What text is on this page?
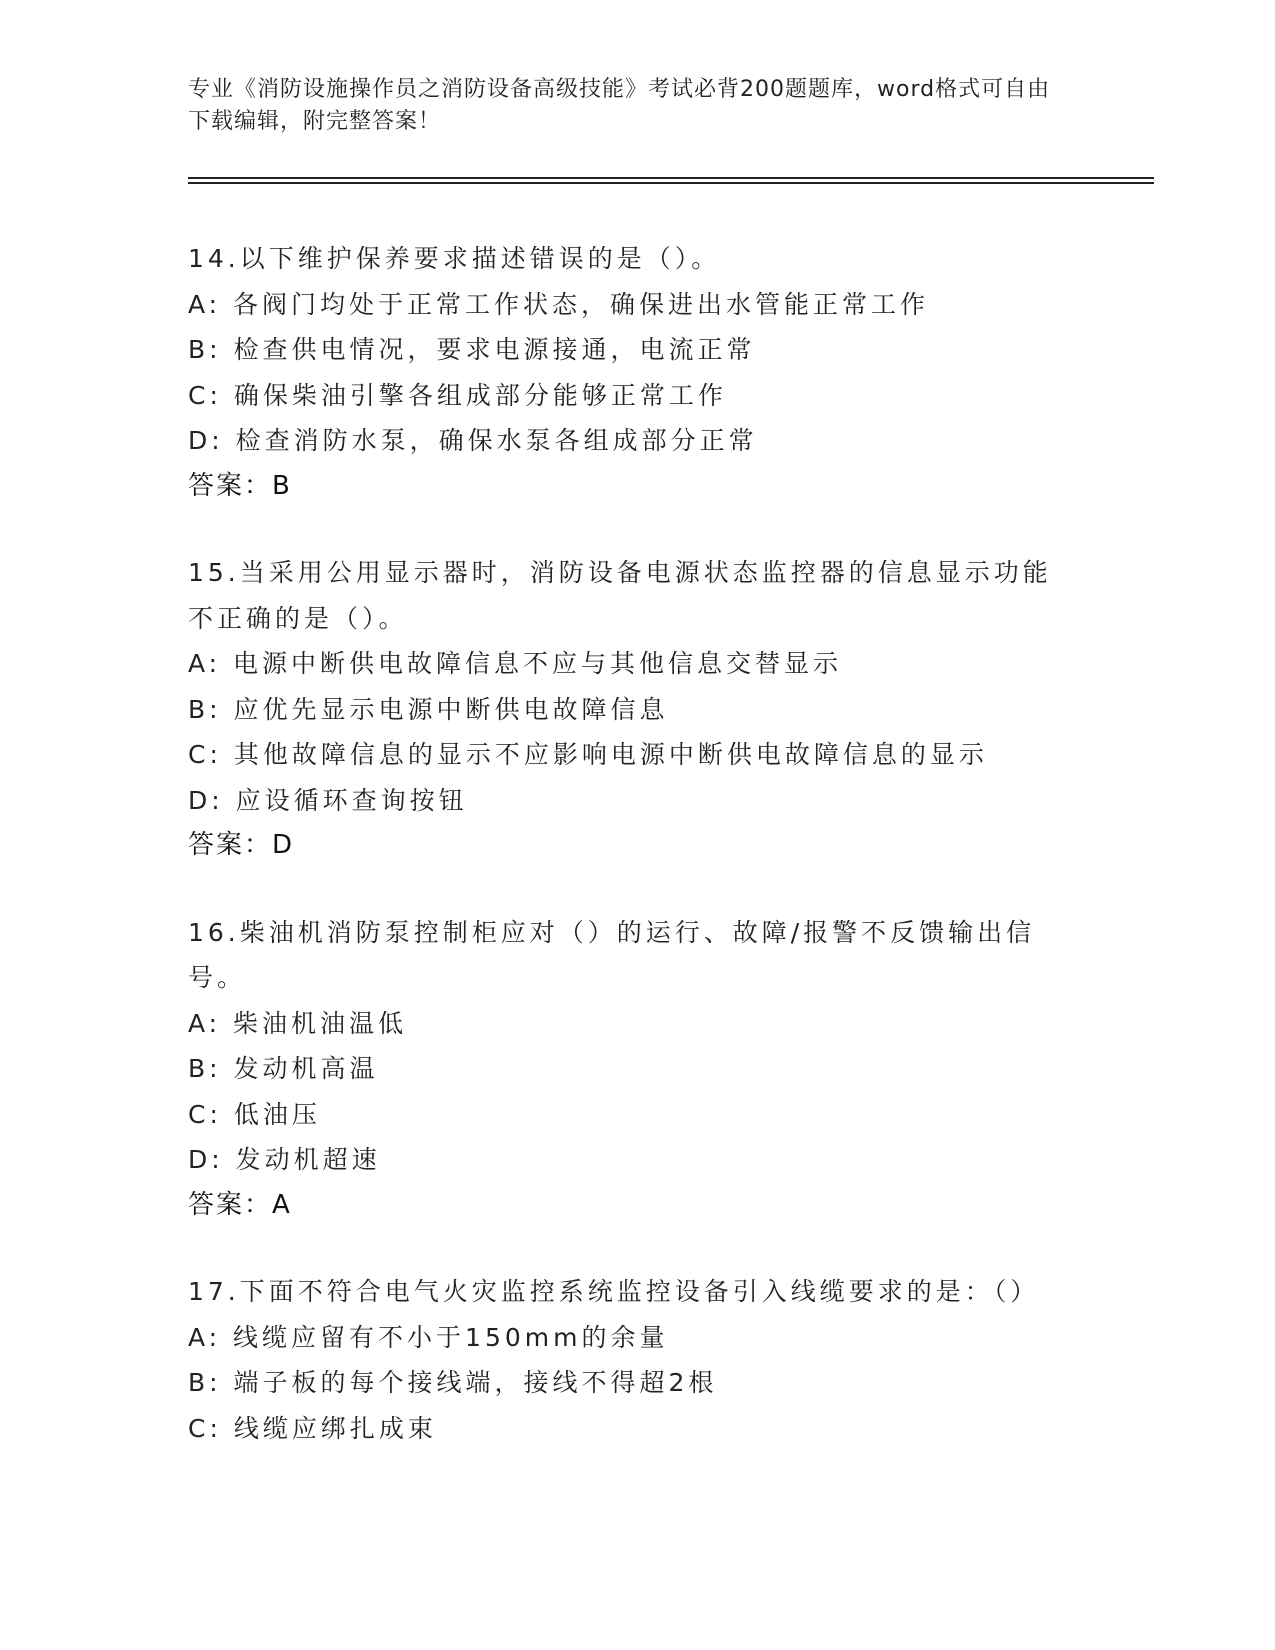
专业《消防设施操作员之消防设备高级技能》考试必背200题题库，word格式可自由下载编辑，附完整答案！
14.以下维护保养要求描述错误的是（）。
A: 各阀门均处于正常工作状态，确保进出水管能正常工作
B: 检查供电情况，要求电源接通，电流正常
C: 确保柴油引擎各组成部分能够正常工作
D: 检查消防水泵，确保水泵各组成部分正常
答案：B
15.当采用公用显示器时，消防设备电源状态监控器的信息显示功能不正确的是（）。
A: 电源中断供电故障信息不应与其他信息交替显示
B: 应优先显示电源中断供电故障信息
C: 其他故障信息的显示不应影响电源中断供电故障信息的显示
D: 应设循环查询按钮
答案：D
16.柴油机消防泵控制柜应对（）的运行、故障/报警不反馈输出信号。
A: 柴油机油温低
B: 发动机高温
C: 低油压
D: 发动机超速
答案：A
17.下面不符合电气火灾监控系统监控设备引入线缆要求的是：（）
A: 线缆应留有不小于150mm的余量
B: 端子板的每个接线端，接线不得超2根
C: 线缆应绑扎成束
